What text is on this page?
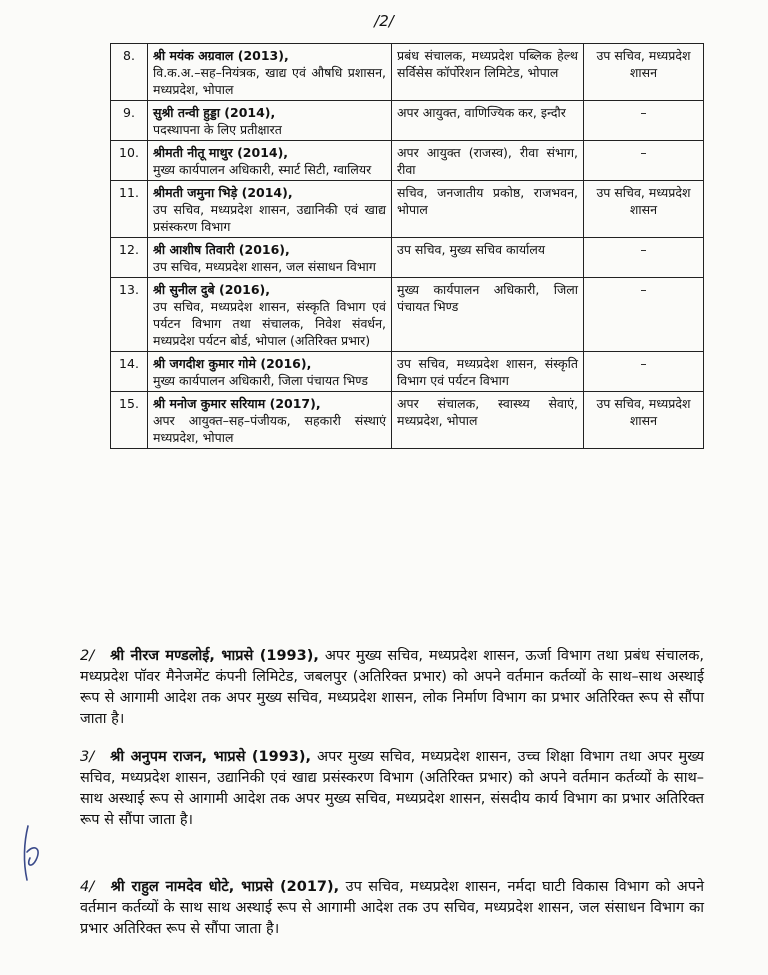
/2/
8.	श्री मयंक अग्रवाल (2013),
वि.क.अ.–सह–नियंत्रक, खाद्य एवं औषधि प्रशासन, मध्यप्रदेश, भोपाल	प्रबंध संचालक, मध्यप्रदेश पब्लिक हेल्थ सर्विसेस कॉर्पोरेशन लिमिटेड, भोपाल	उप सचिव, मध्यप्रदेश शासन
9.	सुश्री तन्वी हुड्डा (2014),
पदस्थापना के लिए प्रतीक्षारत	अपर आयुक्त, वाणिज्यिक कर, इन्दौर	–
10.	श्रीमती नीतू माथुर (2014),
मुख्य कार्यपालन अधिकारी, स्मार्ट सिटी, ग्वालियर	अपर आयुक्त (राजस्व), रीवा संभाग, रीवा	–
11.	श्रीमती जमुना भिड़े (2014),
उप सचिव, मध्यप्रदेश शासन, उद्यानिकी एवं खाद्य प्रसंस्करण विभाग	सचिव, जनजातीय प्रकोष्ठ, राजभवन, भोपाल	उप सचिव, मध्यप्रदेश शासन
12.	श्री आशीष तिवारी (2016),
उप सचिव, मध्यप्रदेश शासन, जल संसाधन विभाग	उप सचिव, मुख्य सचिव कार्यालय	–
13.	श्री सुनील दुबे (2016),
उप सचिव, मध्यप्रदेश शासन, संस्कृति विभाग एवं पर्यटन विभाग तथा संचालक, निवेश संवर्धन, मध्यप्रदेश पर्यटन बोर्ड, भोपाल (अतिरिक्त प्रभार)	मुख्य कार्यपालन अधिकारी, जिला पंचायत भिण्ड	–
14.	श्री जगदीश कुमार गोमे (2016),
मुख्य कार्यपालन अधिकारी, जिला पंचायत भिण्ड	उप सचिव, मध्यप्रदेश शासन, संस्कृति विभाग एवं पर्यटन विभाग	–
15.	श्री मनोज कुमार सरियाम (2017),
अपर आयुक्त–सह–पंजीयक, सहकारी संस्थाएं मध्यप्रदेश, भोपाल	अपर संचालक, स्वास्थ्य सेवाएं, मध्यप्रदेश, भोपाल	उप सचिव, मध्यप्रदेश शासन
2/ श्री नीरज मण्डलोई, भाप्रसे (1993), अपर मुख्य सचिव, मध्यप्रदेश शासन, ऊर्जा विभाग तथा प्रबंध संचालक, मध्यप्रदेश पॉवर मैनेजमेंट कंपनी लिमिटेड, जबलपुर (अतिरिक्त प्रभार) को अपने वर्तमान कर्तव्यों के साथ–साथ अस्थाई रूप से आगामी आदेश तक अपर मुख्य सचिव, मध्यप्रदेश शासन, लोक निर्माण विभाग का प्रभार अतिरिक्त रूप से सौंपा जाता है।
3/ श्री अनुपम राजन, भाप्रसे (1993), अपर मुख्य सचिव, मध्यप्रदेश शासन, उच्च शिक्षा विभाग तथा अपर मुख्य सचिव, मध्यप्रदेश शासन, उद्यानिकी एवं खाद्य प्रसंस्करण विभाग (अतिरिक्त प्रभार) को अपने वर्तमान कर्तव्यों के साथ–साथ अस्थाई रूप से आगामी आदेश तक अपर मुख्य सचिव, मध्यप्रदेश शासन, संसदीय कार्य विभाग का प्रभार अतिरिक्त रूप से सौंपा जाता है।
4/ श्री राहुल नामदेव धोटे, भाप्रसे (2017), उप सचिव, मध्यप्रदेश शासन, नर्मदा घाटी विकास विभाग को अपने वर्तमान कर्तव्यों के साथ साथ अस्थाई रूप से आगामी आदेश तक उप सचिव, मध्यप्रदेश शासन, जल संसाधन विभाग का प्रभार अतिरिक्त रूप से सौंपा जाता है।
